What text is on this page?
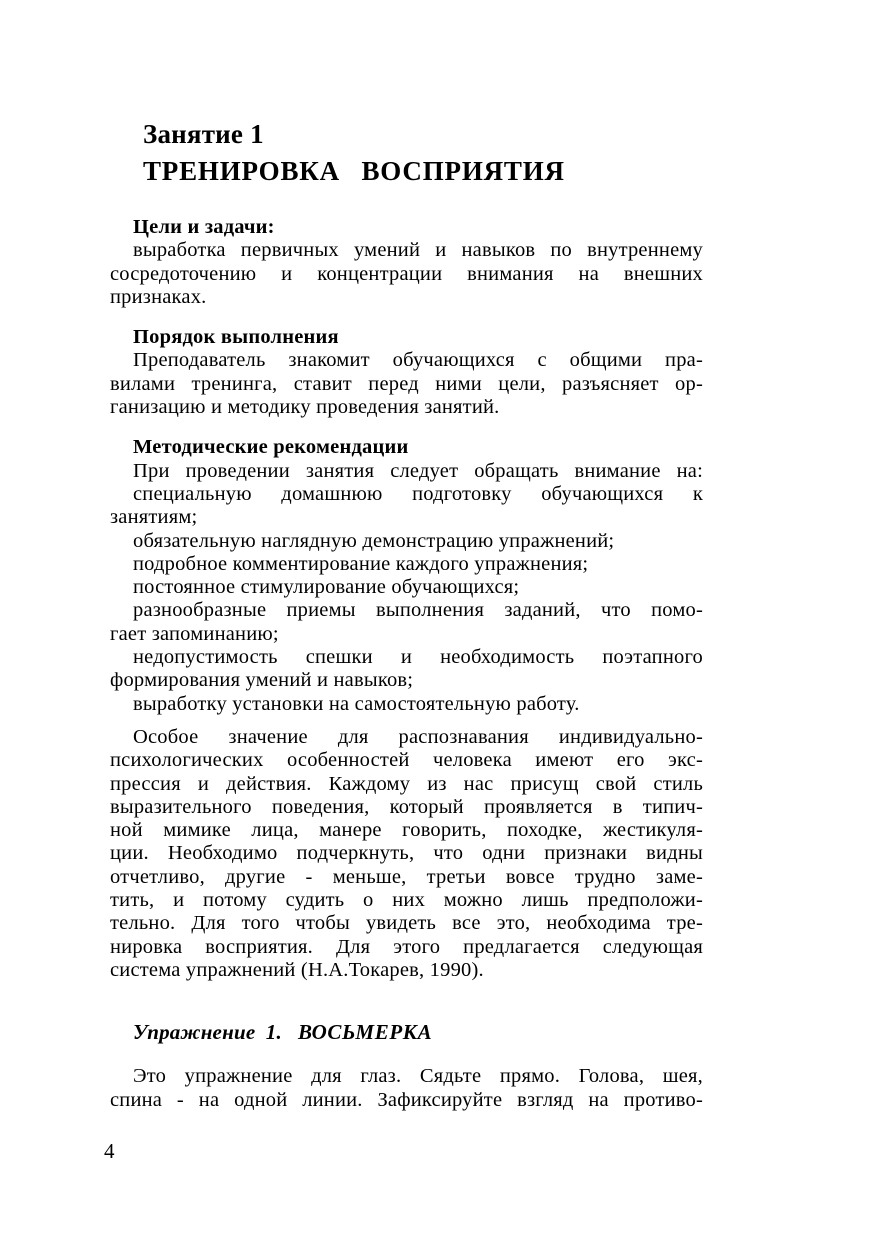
Занятие 1
ТРЕНИРОВКА ВОСПРИЯТИЯ
Цели и задачи:
выработка первичных умений и навыков по внутреннему
сосредоточению и концентрации внимания на внешних
признаках.
Порядок выполнения
Преподаватель знакомит обучающихся с общими пра-
вилами тренинга, ставит перед ними цели, разъясняет ор-
ганизацию и методику проведения занятий.
Методические рекомендации
При проведении занятия следует обращать внимание на:
специальную домашнюю подготовку обучающихся к
занятиям;
обязательную наглядную демонстрацию упражнений;
подробное комментирование каждого упражнения;
постоянное стимулирование обучающихся;
разнообразные приемы выполнения заданий, что помо-
гает запоминанию;
недопустимость спешки и необходимость поэтапного
формирования умений и навыков;
выработку установки на самостоятельную работу.
Особое значение для распознавания индивидуально-
психологических особенностей человека имеют его экс-
прессия и действия. Каждому из нас присущ свой стиль
выразительного поведения, который проявляется в типич-
ной мимике лица, манере говорить, походке, жестикуля-
ции. Необходимо подчеркнуть, что одни признаки видны
отчетливо, другие - меньше, третьи вовсе трудно заме-
тить, и потому судить о них можно лишь предположи-
тельно. Для того чтобы увидеть все это, необходима тре-
нировка восприятия. Для этого предлагается следующая
система упражнений (Н.А.Токарев, 1990).
Упражнение 1. ВОСЬМЕРКА
Это упражнение для глаз. Сядьте прямо. Голова, шея,
спина - на одной линии. Зафиксируйте взгляд на противо-
4
